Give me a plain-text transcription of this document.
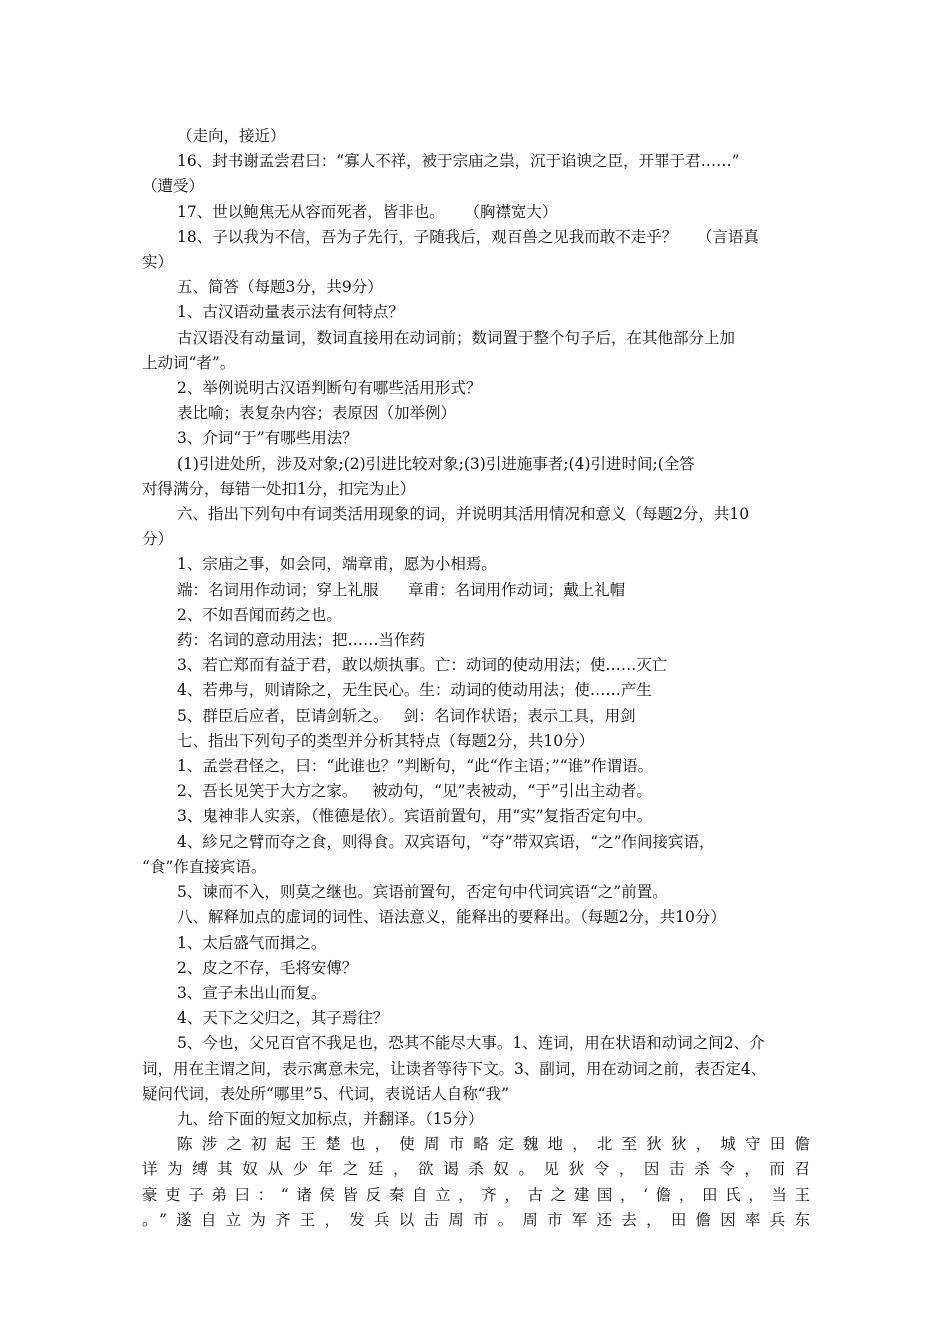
（走向，接近）
16、封书谢孟尝君曰：“寡人不祥，被于宗庙之祟，沉于谄谀之臣，开罪于君……”
（遭受）
17、世以鲍焦无从容而死者，皆非也。    （胸襟宽大）
18、子以我为不信，吾为子先行，子随我后，观百兽之见我而敢不走乎？    （言语真
实）
五、简答（每题3分，共9分）
1、古汉语动量表示法有何特点？
古汉语没有动量词，数词直接用在动词前；数词置于整个句子后，在其他部分上加
上动词“者”。
2、举例说明古汉语判断句有哪些活用形式？
表比喻；表复杂内容；表原因（加举例）
3、介词“于”有哪些用法？
(1)引进处所，涉及对象;(2)引进比较对象;(3)引进施事者;(4)引进时间;(全答
对得满分，每错一处扣1分，扣完为止）
六、指出下列句中有词类活用现象的词，并说明其活用情况和意义（每题2分，共10
分）
1、宗庙之事，如会同，端章甫，愿为小相焉。
端：名词用作动词；穿上礼服      章甫：名词用作动词；戴上礼帽
2、不如吾闻而药之也。
药：名词的意动用法；把……当作药
3、若亡郑而有益于君，敢以烦执事。亡：动词的使动用法；使……灭亡
4、若弗与，则请除之，无生民心。生：动词的使动用法；使……产生
5、群臣后应者，臣请剑斩之。   剑：名词作状语；表示工具，用剑
七、指出下列句子的类型并分析其特点（每题2分，共10分）
1、孟尝君怪之，曰：“此谁也？”判断句，“此“作主语；”“谁”作谓语。
2、吾长见笑于大方之家。   被动句，“见”表被动，“于”引出主动者。
3、鬼神非人实亲，（惟德是依）。宾语前置句，用“实”复指否定句中。
4、紾兄之臂而夺之食，则得食。双宾语句，“夺”带双宾语，“之”作间接宾语，
“食”作直接宾语。
5、谏而不入，则莫之继也。宾语前置句，否定句中代词宾语“之”前置。
八、解释加点的虚词的词性、语法意义，能释出的要释出。（每题2分，共10分）
1、太后盛气而揖之。
2、皮之不存，毛将安傅？
3、宣子未出山而复。
4、天下之父归之，其子焉往？
5、今也，父兄百官不我足也，恐其不能尽大事。1、连词，用在状语和动词之间2、介
词，用在主谓之间，表示寓意未完，让读者等待下文。3、副词，用在动词之前，表否定4、
疑问代词，表处所“哪里”5、代词，表说话人自称“我”
九、给下面的短文加标点，并翻译。（15分）
陈涉之初起王楚也，使周市略定魏地，北至狄狄，城守田儋
详为缚其奴从少年之廷，欲谒杀奴。见狄令，因击杀令，而召
豪吏子弟曰：“诸侯皆反秦自立，齐，古之建国，‘儋，田氏，当王
。”遂自立为齐王，发兵以击周市。周市军还去，田儋因率兵东
